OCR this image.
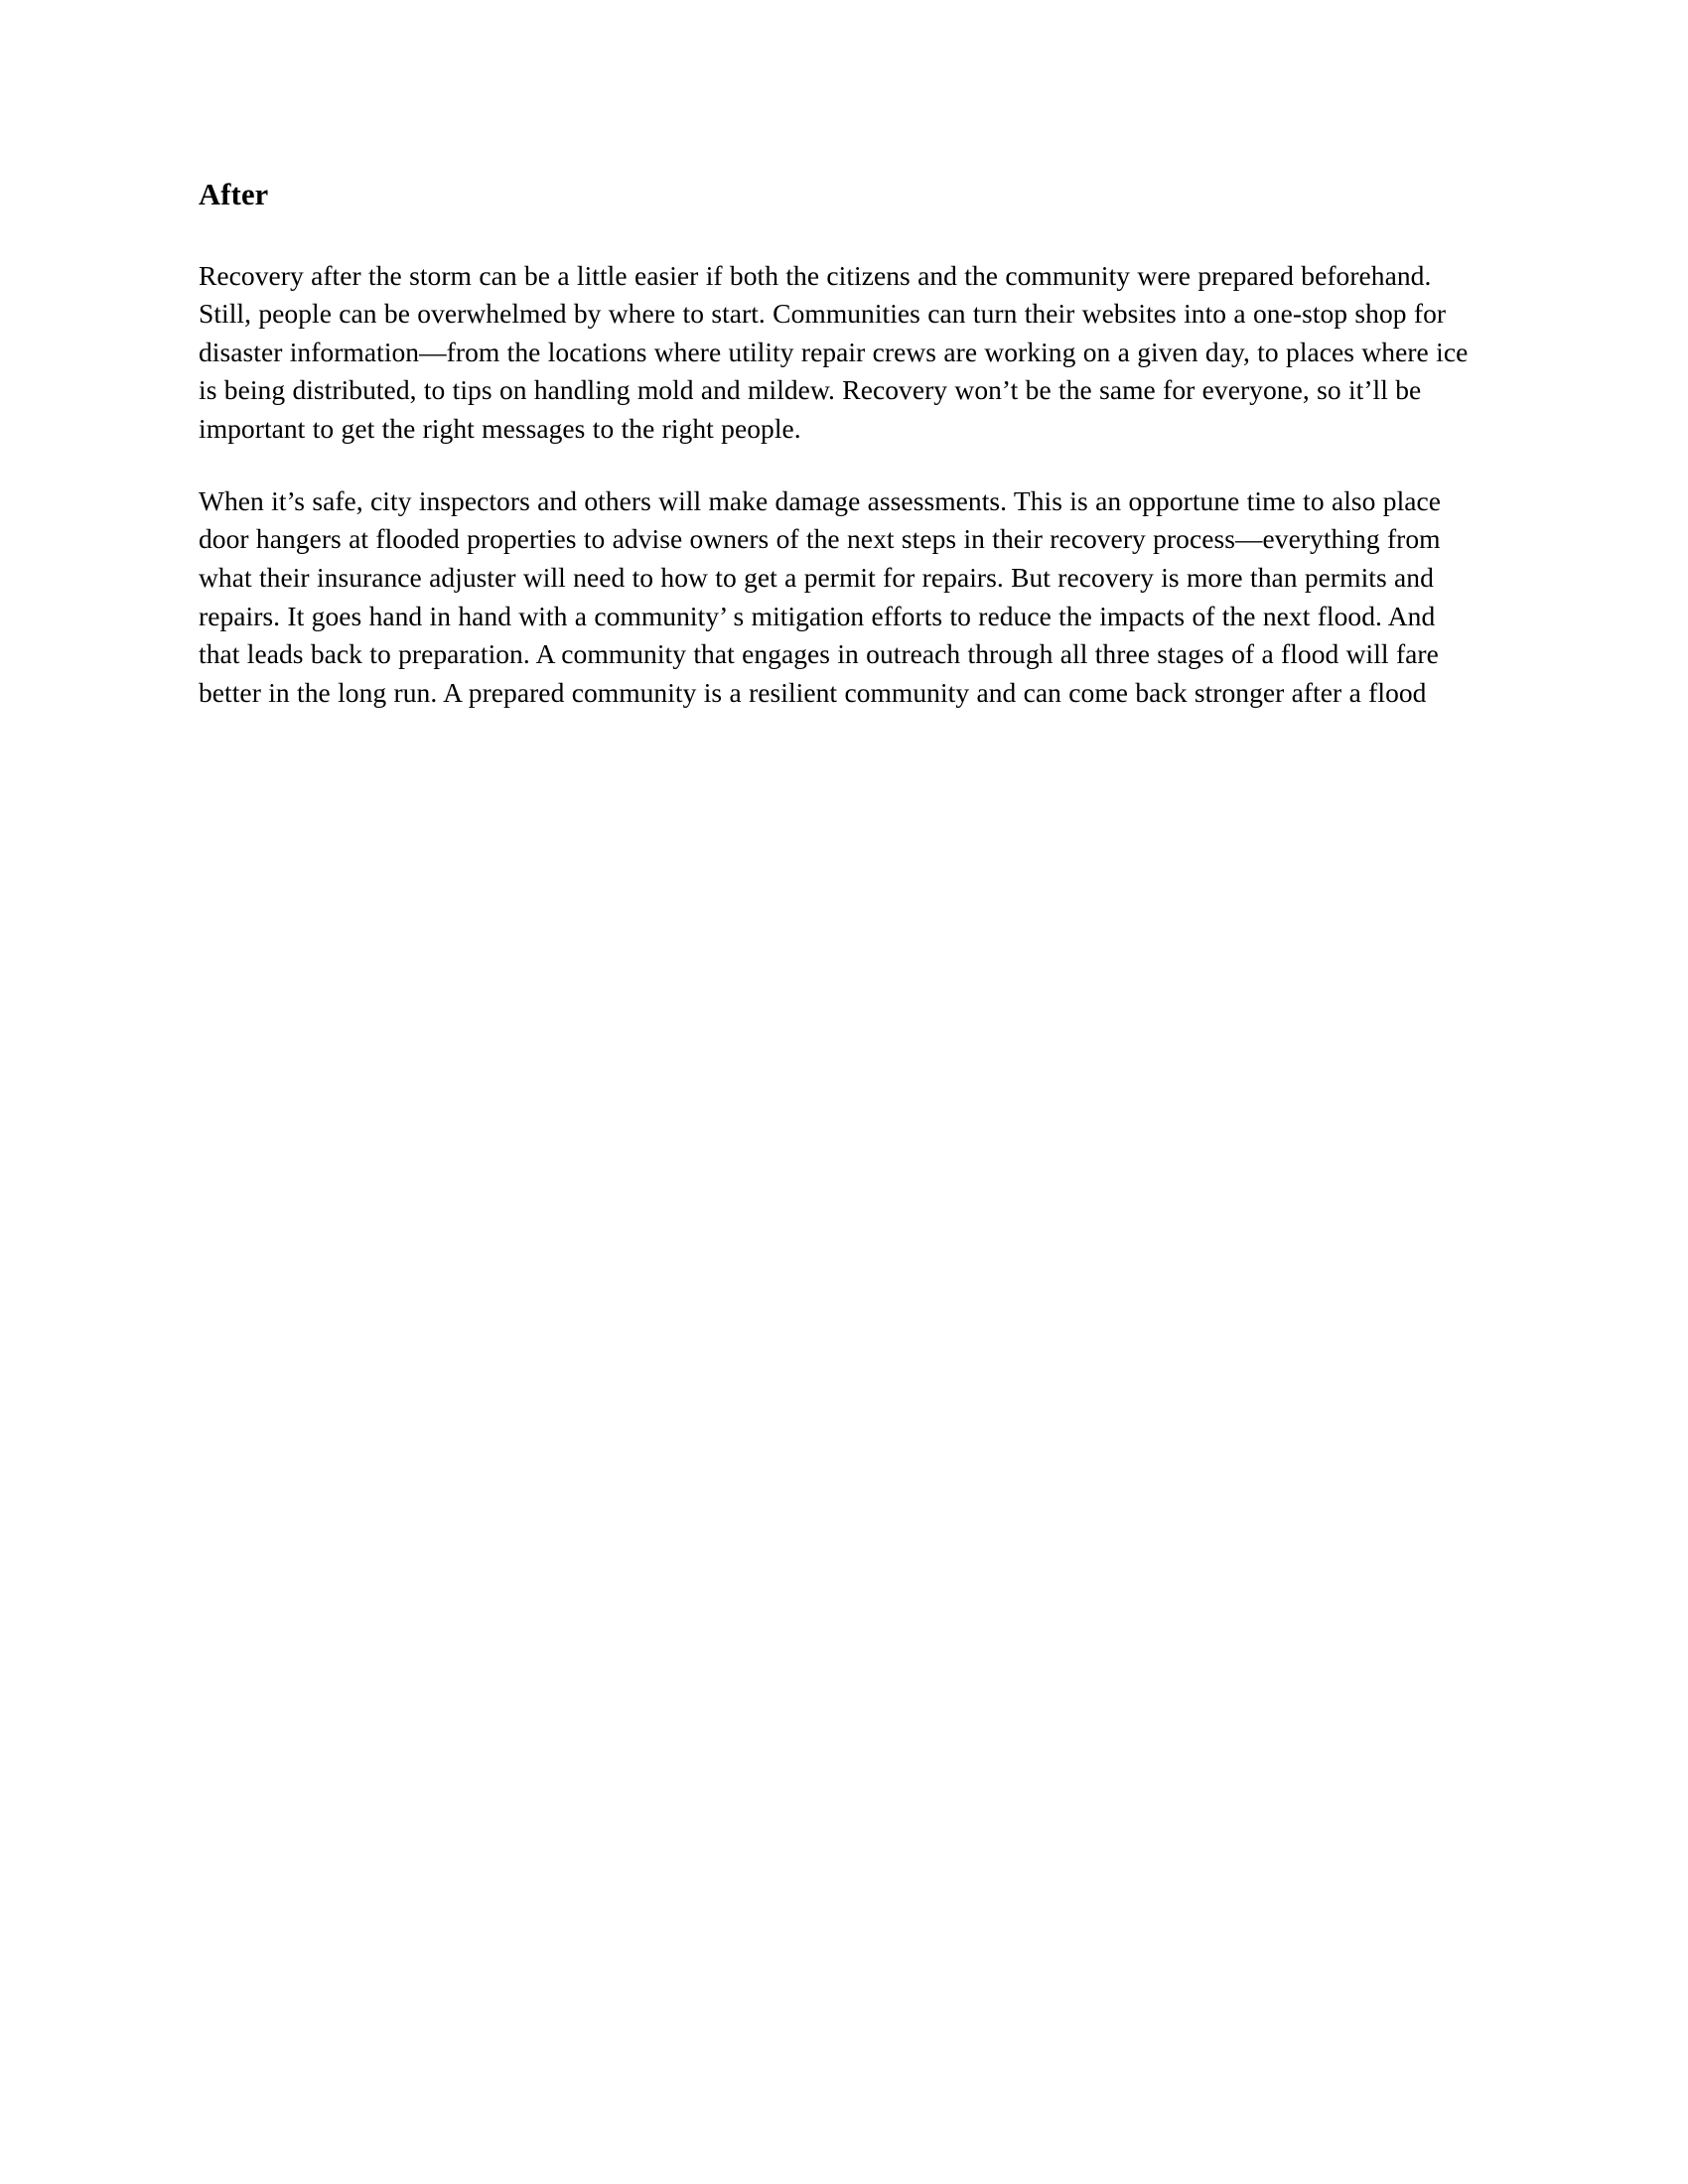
After

Recovery after the storm can be a little easier if both the citizens and the community were prepared beforehand. Still, people can be overwhelmed by where to start. Communities can turn their websites into a one-stop shop for disaster information—from the locations where utility repair crews are working on a given day, to places where ice is being distributed, to tips on handling mold and mildew. Recovery won’t be the same for everyone, so it’ll be important to get the right messages to the right people.

When it’s safe, city inspectors and others will make damage assessments. This is an opportune time to also place door hangers at flooded properties to advise owners of the next steps in their recovery process—everything from what their insurance adjuster will need to how to get a permit for repairs. But recovery is more than permits and repairs. It goes hand in hand with a community’ s mitigation efforts to reduce the impacts of the next flood. And that leads back to preparation. A community that engages in outreach through all three stages of a flood will fare better in the long run. A prepared community is a resilient community and can come back stronger after a flood
